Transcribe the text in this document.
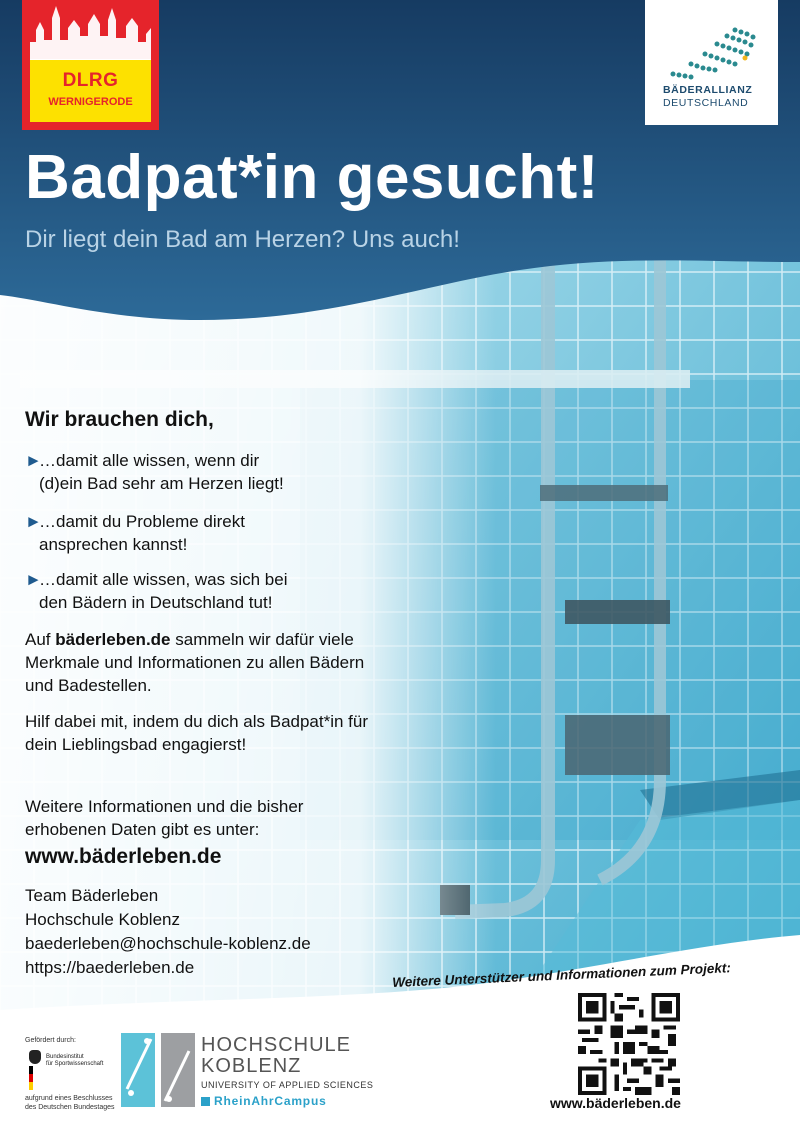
DLRG
WERNIGERODE
BÄDERALLIANZ
DEUTSCHLAND
Badpat*in gesucht!
Dir liegt dein Bad am Herzen? Uns auch!
Wir brauchen dich,
►…damit alle wissen, wenn dir
(d)ein Bad sehr am Herzen liegt!
►…damit du Probleme direkt
ansprechen kannst!
►…damit alle wissen, was sich bei
den Bädern in Deutschland tut!
Auf bäderleben.de sammeln wir dafür viele Merkmale und Informationen zu allen Bädern und Badestellen.
Hilf dabei mit, indem du dich als Badpat*in für dein Lieblingsbad engagierst!
Weitere Informationen und die bisher erhobenen Daten gibt es unter:
www.bäderleben.de
Team Bäderleben
Hochschule Koblenz
baederleben@hochschule-koblenz.de
https://baederleben.de	Weitere Unterstützer und Informationen zum Projekt:
www.bäderleben.de
Gefördert durch:
Bundesinstitut
für Sportwissenschaft
aufgrund eines Beschlusses
des Deutschen Bundestages
HOCHSCHULE
KOBLENZ
UNIVERSITY OF APPLIED SCIENCES
RheinAhrCampus
